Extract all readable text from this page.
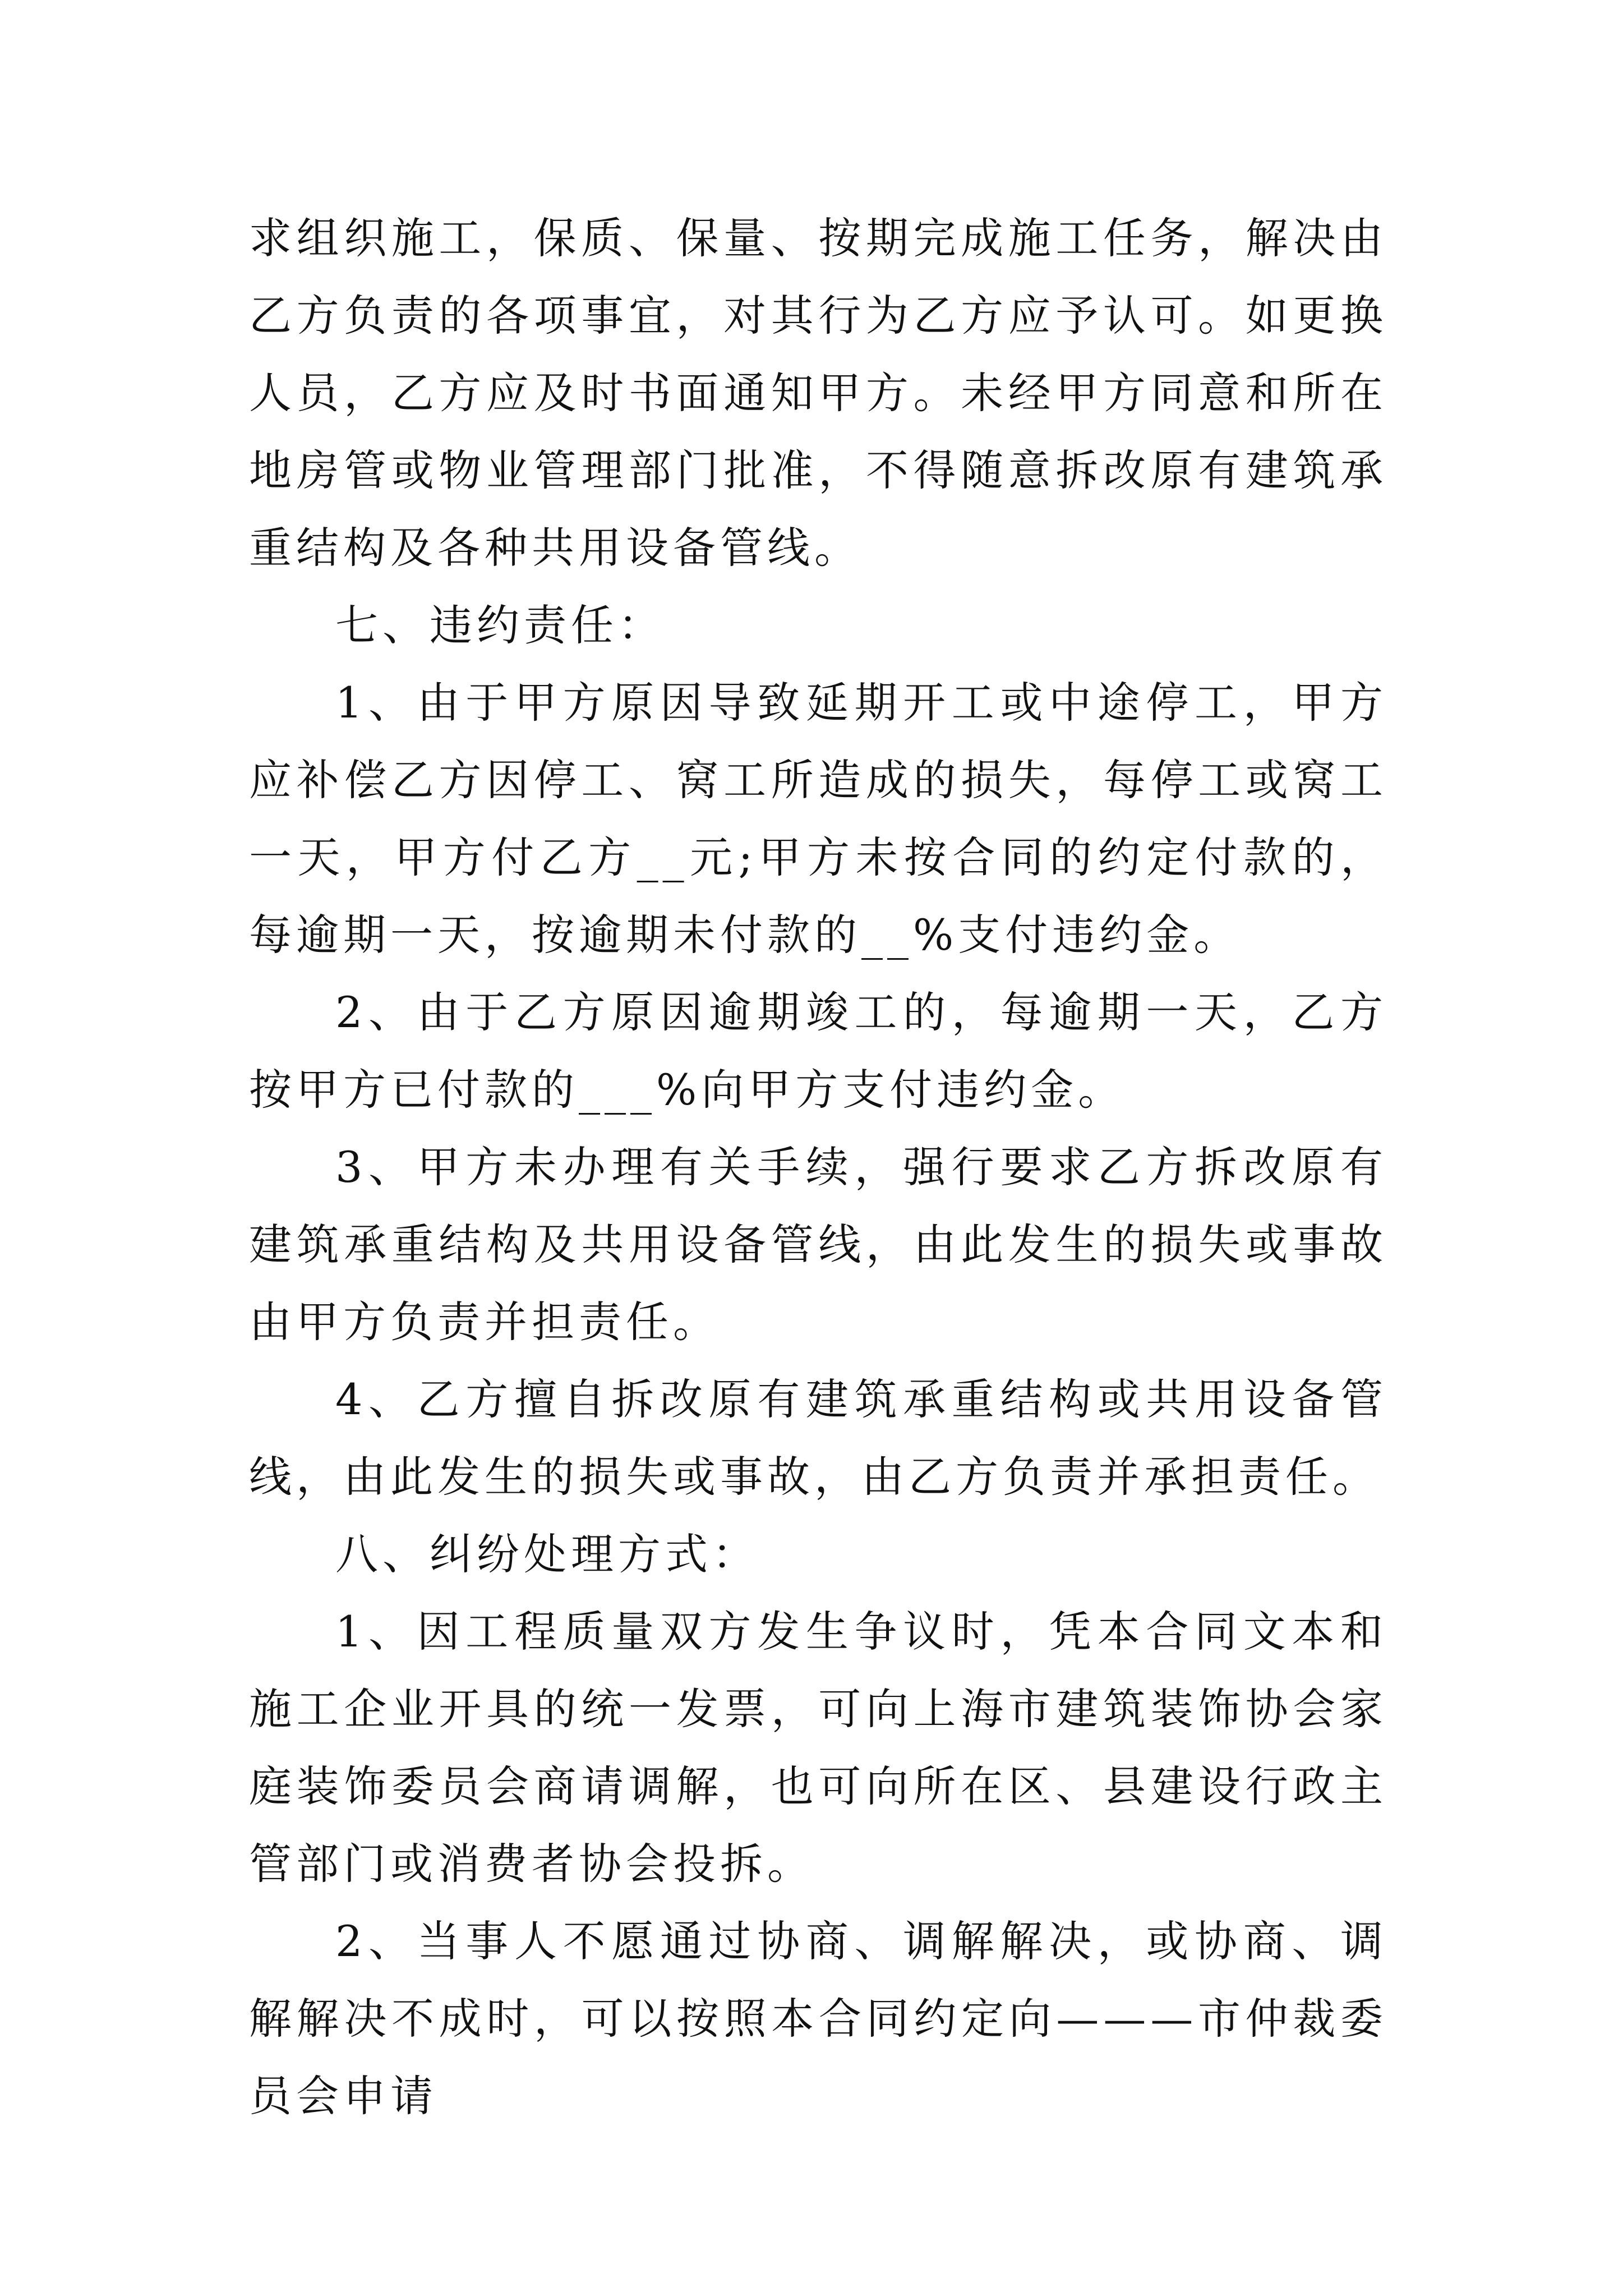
求组织施工，保质、保量、按期完成施工任务，解决由乙方负责的各项事宜，对其行为乙方应予认可。如更换人员，乙方应及时书面通知甲方。未经甲方同意和所在地房管或物业管理部门批准，不得随意拆改原有建筑承重结构及各种共用设备管线。

七、违约责任：

1、由于甲方原因导致延期开工或中途停工，甲方应补偿乙方因停工、窝工所造成的损失，每停工或窝工一天，甲方付乙方__元;甲方未按合同的约定付款的，每逾期一天，按逾期未付款的__%支付违约金。

2、由于乙方原因逾期竣工的，每逾期一天，乙方按甲方已付款的___%向甲方支付违约金。

3、甲方未办理有关手续，强行要求乙方拆改原有建筑承重结构及共用设备管线，由此发生的损失或事故由甲方负责并担责任。

4、乙方擅自拆改原有建筑承重结构或共用设备管线，由此发生的损失或事故，由乙方负责并承担责任。

八、纠纷处理方式：

1、因工程质量双方发生争议时，凭本合同文本和施工企业开具的统一发票，可向上海市建筑装饰协会家庭装饰委员会商请调解，也可向所在区、县建设行政主管部门或消费者协会投拆。

2、当事人不愿通过协商、调解解决，或协商、调解解决不成时，可以按照本合同约定向———市仲裁委员会申请
